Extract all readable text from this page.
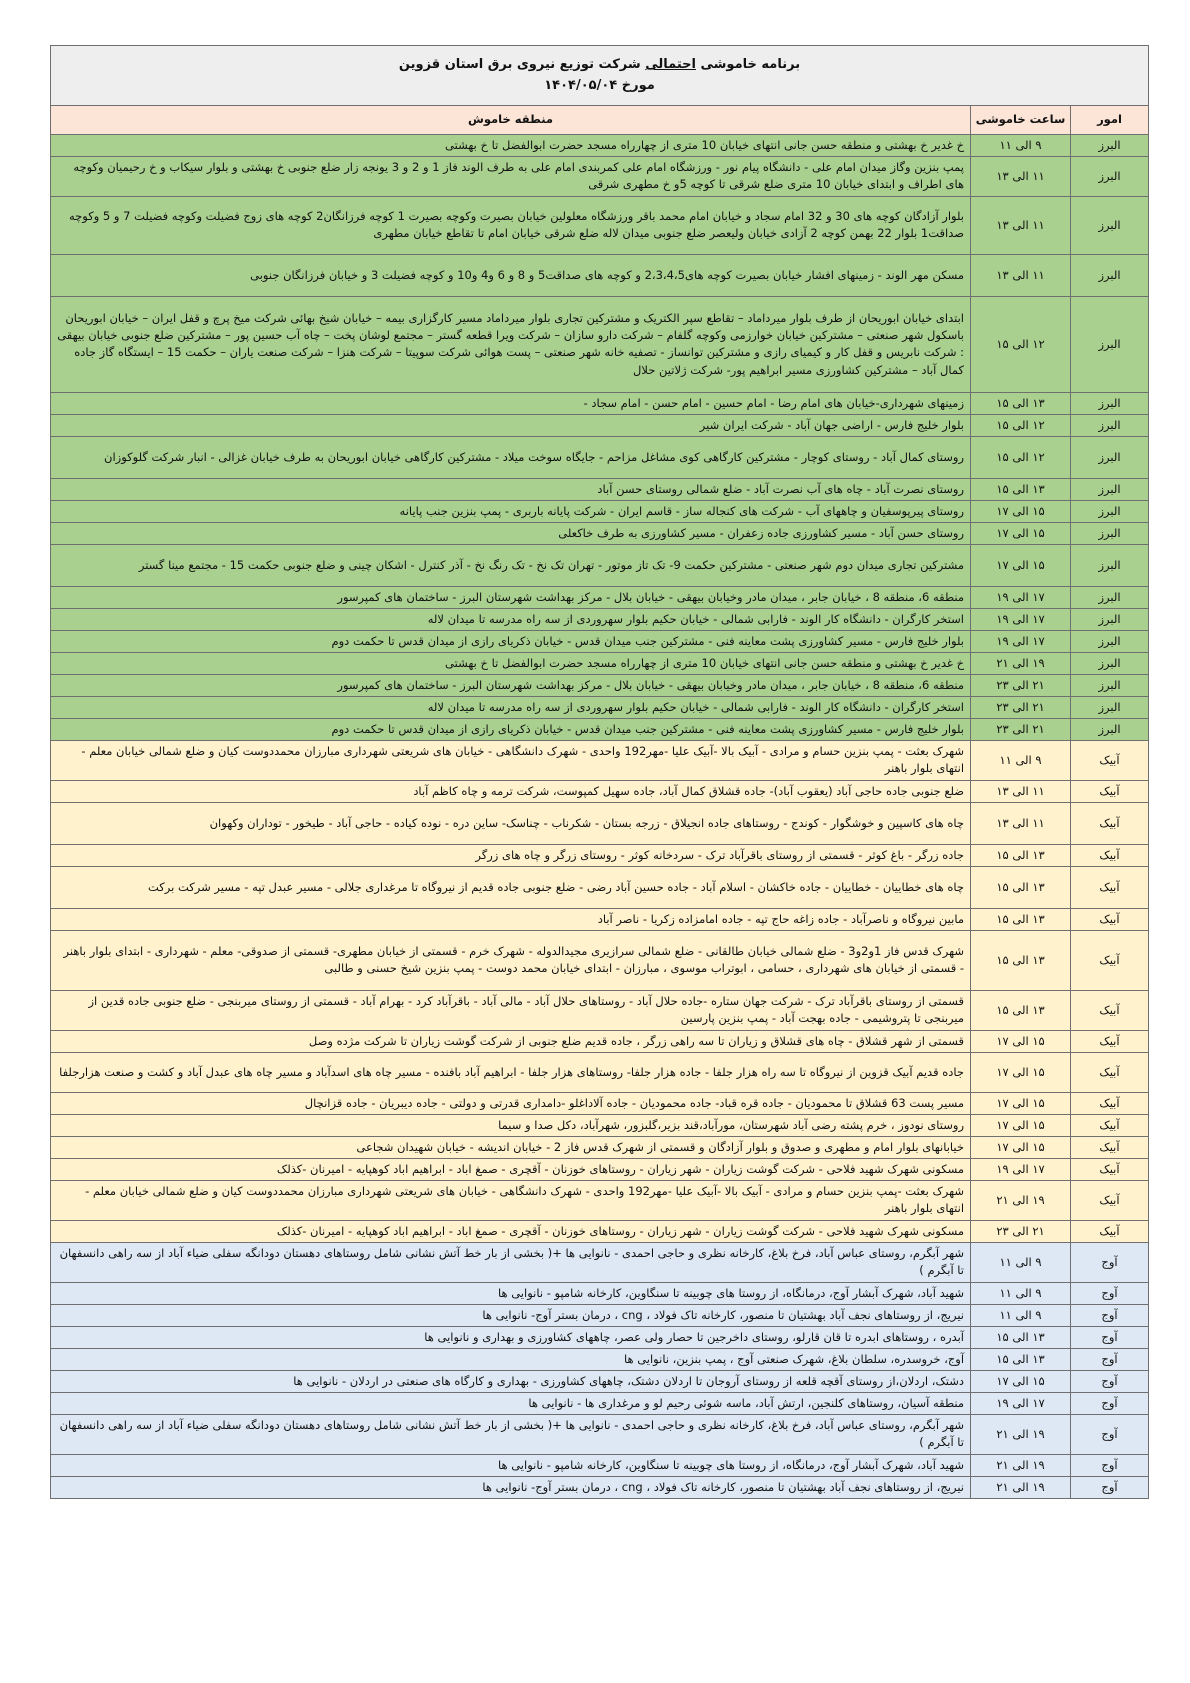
برنامه خاموشی احتمالی شرکت توزیع نیروی برق استان قزوین
مورخ ۱۴۰۴/۰۵/۰۴		

امور	ساعت خاموشی	منطقه خاموش
البرز	۹ الی ۱۱	خ غدیر خ بهشتی و منطقه حسن جانی انتهای خیابان 10 متری از چهارراه مسجد حضرت ابوالفضل تا خ بهشتی
البرز	۱۱ الی ۱۳	پمپ بنزین وگاز میدان امام علی - دانشگاه پیام نور - ورزشگاه امام علی کمربندی امام علی به طرف الوند فاز 1 و 2 و 3 یونجه زار ضلع جنوبی خ بهشتی و بلوار سیکاب و خ رحیمیان وکوچه های اطراف و ابتدای خیابان 10 متری ضلع شرقی تا کوچه 5و خ مطهری شرقی
البرز	۱۱ الی ۱۳	بلوار آزادگان کوچه های 30 و 32 امام سجاد و خیابان امام محمد باقر ورزشگاه معلولین خیابان بصیرت وکوچه بصیرت 1 کوچه فرزانگان2 کوچه های زوج فضیلت وکوچه فضیلت 7 و 5 وکوچه صداقت1 بلوار 22 بهمن کوچه 2 آزادی خیابان ولیعصر ضلع جنوبی میدان لاله ضلع شرقی خیابان امام تا تقاطع خیابان مطهری
البرز	۱۱ الی ۱۳	مسکن مهر الوند - زمینهای افشار خیابان بصیرت کوچه های2،3،4،5 و کوچه های صداقت5 و 8 و 6 و4 و10 و کوچه فضیلت 3 و خیابان فرزانگان جنوبی
البرز	۱۲ الی ۱۵	ابتدای خیابان ابوریحان از طرف بلوار میرداماد – تقاطع سپر الکتریک و مشترکین تجاری بلوار میرداماد مسیر کارگزاری بیمه – خیابان شیخ بهائی شرکت میخ پرچ و قفل ایران – خیابان ابوریحان باسکول شهر صنعتی – مشترکین خیابان خوارزمی وکوچه گلفام – شرکت دارو سازان – شرکت ویرا قطعه گستر – مجتمع لوشان پخت – چاه آب حسین پور – مشترکین ضلع جنوبی خیابان بیهقی : شرکت نابریس و قفل کار و کیمیای رازی و مشترکین توانساز - تصفیه خانه شهر صنعتی – پست هوائی شرکت سوپیتا – شرکت هنزا – شرکت صنعت یاران – حکمت 15 – ایستگاه گاز جاده کمال آباد – مشترکین کشاورزی مسیر ابراهیم پور- شرکت ژلاتین حلال
البرز	۱۳ الی ۱۵	زمینهای شهرداری-خیابان های امام رضا - امام حسین - امام حسن - امام سجاد -
البرز	۱۲ الی ۱۵	بلوار خلیج فارس - اراضی جهان آباد - شرکت ایران شیر
البرز	۱۲ الی ۱۵	روستای کمال آباد - روستای کوچار - مشترکین کارگاهی کوی مشاغل مزاحم - جایگاه سوخت میلاد - مشترکین کارگاهی خیابان ابوریحان به طرف خیابان غزالی - انبار شرکت گلوکوزان
البرز	۱۳ الی ۱۵	روستای نصرت آباد - چاه های آب نصرت آباد - ضلع شمالی روستای حسن آباد
البرز	۱۵ الی ۱۷	روستای پیرپوسفیان و چاههای آب - شرکت های کنجاله ساز - قاسم ایران - شرکت پایانه باربری - پمپ بنزین جنب پایانه
البرز	۱۵ الی ۱۷	روستای حسن آباد - مسیر کشاورزی جاده زعفران - مسیر کشاورزی به طرف خاکعلی
البرز	۱۵ الی ۱۷	مشترکین تجاری میدان دوم شهر صنعتی - مشترکین حکمت 9- تک تاز موتور - تهران تک نخ - تک رنگ نخ - آذر کنترل - اشکان چینی و ضلع جنوبی حکمت 15 - مجتمع مینا گستر
البرز	۱۷ الی ۱۹	منطقه 6، منطقه 8 ، خیابان جابر ، میدان مادر وخیابان بیهقی - خیابان بلال - مرکز بهداشت شهرستان البرز - ساختمان های کمپرسور
البرز	۱۷ الی ۱۹	استخر کارگران - دانشگاه کار الوند - فارابی شمالی - خیابان حکیم بلوار سهروردی از سه راه مدرسه تا میدان لاله
البرز	۱۷ الی ۱۹	بلوار خلیج فارس - مسیر کشاورزی پشت معاینه فنی - مشترکین جنب میدان قدس - خیابان ذکریای رازی از میدان قدس تا حکمت دوم
البرز	۱۹ الی ۲۱	خ غدیر خ بهشتی و منطقه حسن جانی انتهای خیابان 10 متری از چهارراه مسجد حضرت ابوالفضل تا خ بهشتی
البرز	۲۱ الی ۲۳	منطقه 6، منطقه 8 ، خیابان جابر ، میدان مادر وخیابان بیهقی - خیابان بلال - مرکز بهداشت شهرستان البرز - ساختمان های کمپرسور
البرز	۲۱ الی ۲۳	استخر کارگران - دانشگاه کار الوند - فارابی شمالی - خیابان حکیم بلوار سهروردی از سه راه مدرسه تا میدان لاله
البرز	۲۱ الی ۲۳	بلوار خلیج فارس - مسیر کشاورزی پشت معاینه فنی - مشترکین جنب میدان قدس - خیابان ذکریای رازی از میدان قدس تا حکمت دوم
آبیک	۹ الی ۱۱	شهرک بعثت - پمپ بنزین حسام و مرادی - آبیک بالا -آبیک علیا -مهر192 واحدی - شهرک دانشگاهی - خیابان های شریعتی شهرداری مبارزان محمددوست کیان و ضلع شمالی خیابان معلم - انتهای بلوار باهنر
آبیک	۱۱ الی ۱۳	ضلع جنوبی جاده حاجی آباد (یعقوب آباد)- جاده قشلاق کمال آباد، جاده سهیل کمپوست، شرکت ترمه و چاه کاظم آباد
آبیک	۱۱ الی ۱۳	چاه های کاسپین و خوشگوار - کوندج - روستاهای جاده انجیلاق - زرجه بستان - شکرناب - چناسک- ساین دره - نوده کیاده - حاجی آباد - طیخور - توداران وکهوان
آبیک	۱۳ الی ۱۵	جاده زرگر - باغ کوثر - قسمتی از روستای باقرآباد ترک - سردخانه کوثر - روستای زرگر و چاه های زرگر
آبیک	۱۳ الی ۱۵	چاه های خطاییان - خطاییان - جاده خاکشان - اسلام آباد - جاده حسین آباد رضی - ضلع جنوبی جاده قدیم از نیروگاه تا مرغداری جلالی - مسیر عبدل تپه - مسیر شرکت برکت
آبیک	۱۳ الی ۱۵	مابین نیروگاه و ناصرآباد - جاده زاغه حاج تپه - جاده امامزاده زکریا - ناصر آباد
آبیک	۱۳ الی ۱۵	شهرک قدس فاز 1و2و3 - ضلع شمالی خیابان طالقانی - ضلع شمالی سرازیری مجیدالدوله - شهرک خرم - قسمتی از خیابان مطهری- قسمتی از صدوقی- معلم - شهرداری - ابتدای بلوار باهنر - قسمتی از خیابان های شهرداری ، حسامی ، ابوتراب موسوی ، مبارزان - ابتدای خیابان محمد دوست - پمپ بنزین شیخ حسنی و طالبی
آبیک	۱۳ الی ۱۵	قسمتی از روستای باقرآباد ترک - شرکت جهان ستاره -جاده حلال آباد - روستاهای حلال آباد - مالی آباد - باقرآباد کرد - بهرام آباد - قسمتی از روستای میربنجی - ضلع جنوبی جاده قدین از میربنجی تا پتروشیمی - جاده بهجت آباد - پمپ بنزین پارسین
آبیک	۱۵ الی ۱۷	قسمتی از شهر قشلاق - چاه های قشلاق و زیاران تا سه راهی زرگر ، جاده قدیم ضلع جنوبی از شرکت گوشت زیاران تا شرکت مژده وصل
آبیک	۱۵ الی ۱۷	جاده قدیم آبیک قزوین از نیروگاه تا سه راه هزار جلفا - جاده هزار جلفا- روستاهای هزار جلفا - ابراهیم آباد بافنده - مسیر چاه های اسدآباد و مسیر چاه های عبدل آباد و کشت و صنعت هزارجلفا
آبیک	۱۵ الی ۱۷	مسیر پست 63 قشلاق تا محمودیان - جاده قره قباد- جاده محمودیان - جاده آلاداغلو -دامداری قدرتی و دولتی - جاده دیبریان - جاده قزانچال
آبیک	۱۵ الی ۱۷	روستای نودوز ، خرم پشته رضی آباد شهرستان، مورآباد،قند بزیر،گلبزور، شهرآباد، دکل صدا و سیما
آبیک	۱۵ الی ۱۷	خیابانهای بلوار امام و مطهری و صدوق و بلوار آزادگان و قسمتی از شهرک قدس فاز 2 - خیابان اندیشه - خیابان شهیدان شجاعی
آبیک	۱۷ الی ۱۹	مسکونی شهرک شهید فلاحی - شرکت گوشت زیاران - شهر زیاران - روستاهای خوزنان - آقچری - صمغ اباد - ابراهیم اباد کوهپایه - امیرنان -کذلک
آبیک	۱۹ الی ۲۱	شهرک بعثت -پمپ بنزین حسام و مرادی - آبیک بالا -آبیک علیا -مهر192 واحدی - شهرک دانشگاهی - خیابان های شریعتی شهرداری مبارزان محمددوست کیان و ضلع شمالی خیابان معلم - انتهای بلوار باهنر
آبیک	۲۱ الی ۲۳	مسکونی شهرک شهید فلاحی - شرکت گوشت زیاران - شهر زیاران - روستاهای خوزنان - آقچری - صمغ اباد - ابراهیم اباد کوهپایه - امیرنان -کذلک
آوج	۹ الی ۱۱	شهر آبگرم، روستای عباس آباد، فرخ بلاغ، کارخانه نظری و حاجی احمدی - نانوایی ها +( بخشی از بار خط آتش نشانی شامل روستاهای دهستان دودانگه سفلی ضیاء آباد از سه راهی دانسفهان تا آبگرم )
آوج	۹ الی ۱۱	شهید آباد، شهرک آبشار آوج، درمانگاه، از روستا های چوبینه تا سنگاوین، کارخانه شامپو - نانوایی ها
آوج	۹ الی ۱۱	نیریج، از روستاهای نجف آباد بهشتیان تا منصور، کارخانه تاک فولاد ، cng ، درمان بستر آوج- نانوایی ها
آوج	۱۳ الی ۱۵	آبدره ، روستاهای ابدره تا قان قارلو، روستای داخرجین تا حصار ولی عصر، چاههای کشاورزی و بهداری و نانوایی ها
آوج	۱۳ الی ۱۵	آوج، خروسدره، سلطان بلاغ، شهرک صنعتی آوج ، پمپ بنزین، نانوایی ها
آوج	۱۵ الی ۱۷	دشتک، اردلان،از روستای آقچه قلعه از روستای آروجان تا اردلان دشتک، چاههای کشاورزی - بهداری و کارگاه های صنعتی در اردلان - نانوایی ها
آوج	۱۷ الی ۱۹	منطقه آسیان، روستاهای کلنجین، ارتش آباد، ماسه شوئی رحیم لو و مرغداری ها - نانوایی ها
آوج	۱۹ الی ۲۱	شهر آبگرم، روستای عباس آباد، فرخ بلاغ، کارخانه نظری و حاجی احمدی - نانوایی ها +( بخشی از بار خط آتش نشانی شامل روستاهای دهستان دودانگه سفلی ضیاء آباد از سه راهی دانسفهان تا آبگرم )
آوج	۱۹ الی ۲۱	شهید آباد، شهرک آبشار آوج، درمانگاه، از روستا های چوبینه تا سنگاوین، کارخانه شامپو - نانوایی ها
آوج	۱۹ الی ۲۱	نیریج، از روستاهای نجف آباد بهشتیان تا منصور، کارخانه تاک فولاد ، cng ، درمان بستر آوج- نانوایی ها
